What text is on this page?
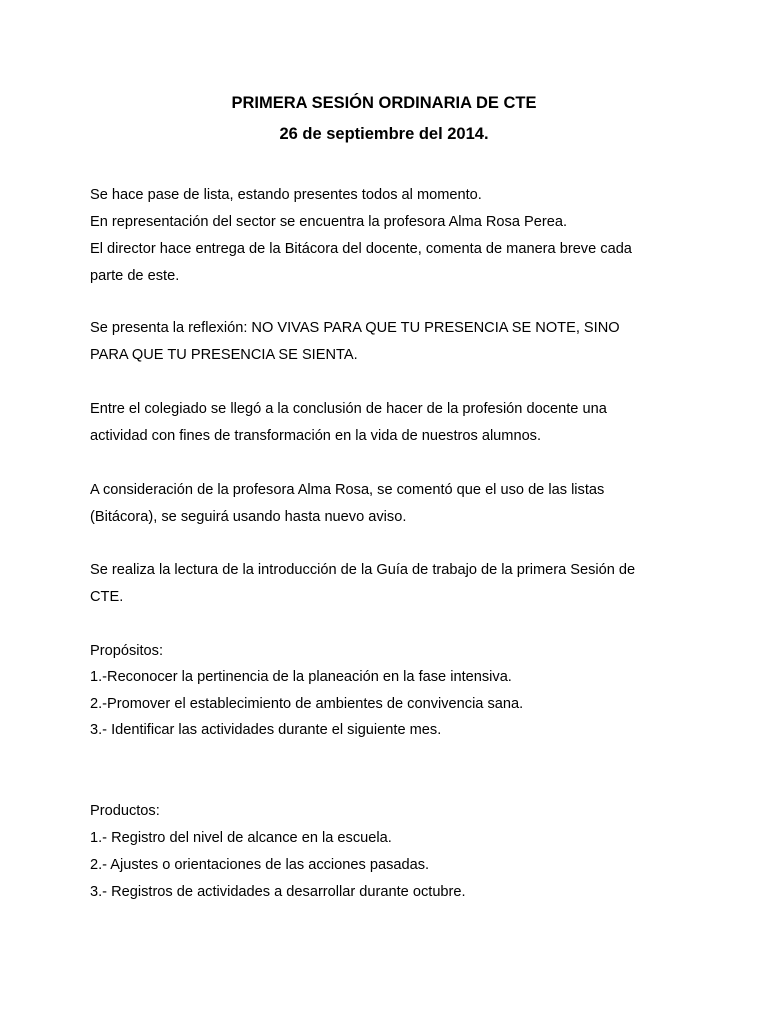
PRIMERA SESIÓN ORDINARIA DE CTE
26 de septiembre del 2014.

Se hace pase de lista, estando presentes todos al momento.

En representación del sector se encuentra la profesora Alma Rosa Perea.

El director hace entrega de la Bitácora del docente, comenta de manera breve cada

parte de este.

Se presenta la reflexión: NO VIVAS PARA QUE TU PRESENCIA SE NOTE, SINO

PARA QUE TU PRESENCIA SE SIENTA.

Entre el colegiado se llegó a la conclusión de hacer de la profesión docente una

actividad con fines de transformación en la vida de nuestros alumnos.

A consideración de la profesora Alma Rosa, se comentó que el uso de las listas

(Bitácora), se seguirá usando hasta nuevo aviso.

Se realiza la lectura de la introducción de la Guía de trabajo de la primera Sesión de

CTE.

Propósitos:

1.-Reconocer la pertinencia de la planeación en la fase intensiva.

2.-Promover el establecimiento de ambientes de convivencia sana.

3.- Identificar las actividades durante el siguiente mes.

Productos:

1.- Registro del nivel de alcance en la escuela.

2.- Ajustes o orientaciones de las acciones pasadas.

3.- Registros de actividades a desarrollar durante octubre.
